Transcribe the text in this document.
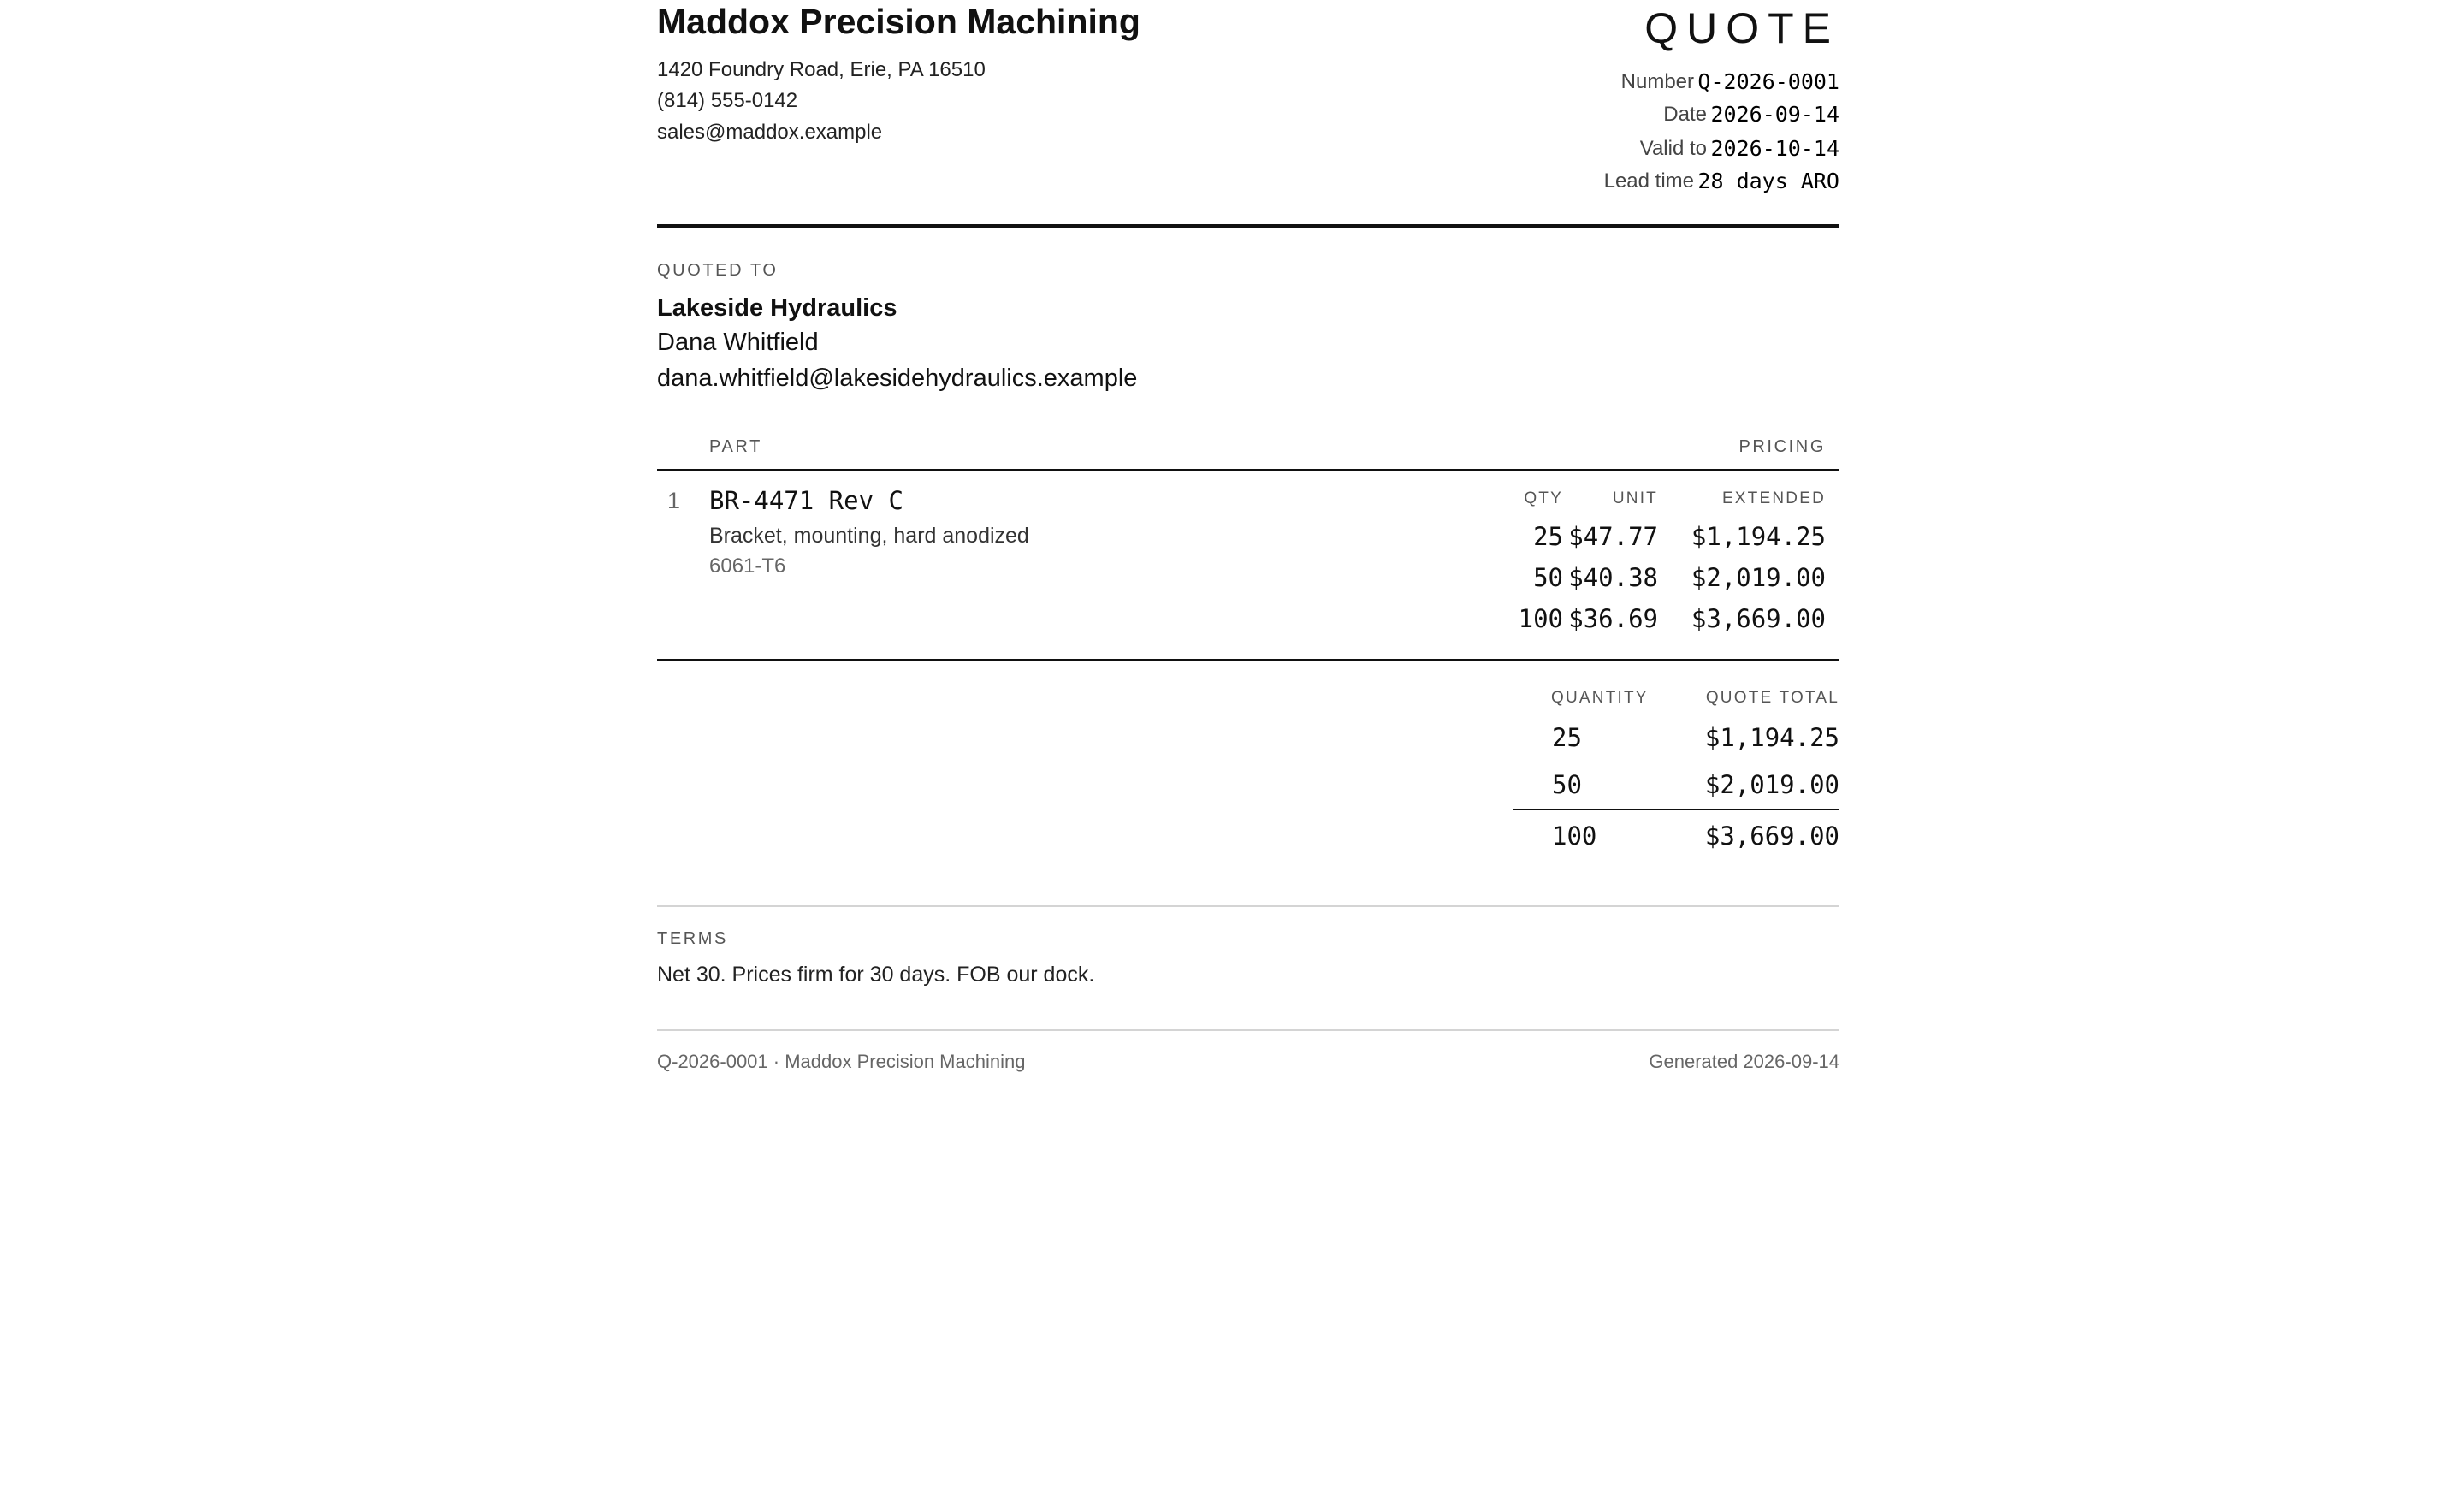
Maddox Precision Machining
1420 Foundry Road, Erie, PA 16510
(814) 555-0142
sales@maddox.example
QUOTE
Number Q-2026-0001
Date 2026-09-14
Valid to 2026-10-14
Lead time 28 days ARO
QUOTED TO
Lakeside Hydraulics
Dana Whitfield
dana.whitfield@lakesidehydraulics.example
PART	PRICING
1 BR-4471 Rev C
Bracket, mounting, hard anodized
6061-T6
QTY	UNIT	EXTENDED
25 $47.77 $1,194.25
50 $40.38 $2,019.00
100 $36.69 $3,669.00
QUANTITY	QUOTE TOTAL
25	$1,194.25
50	$2,019.00
100	$3,669.00
TERMS
Net 30. Prices firm for 30 days. FOB our dock.
Q-2026-0001 · Maddox Precision Machining	Generated 2026-09-14
